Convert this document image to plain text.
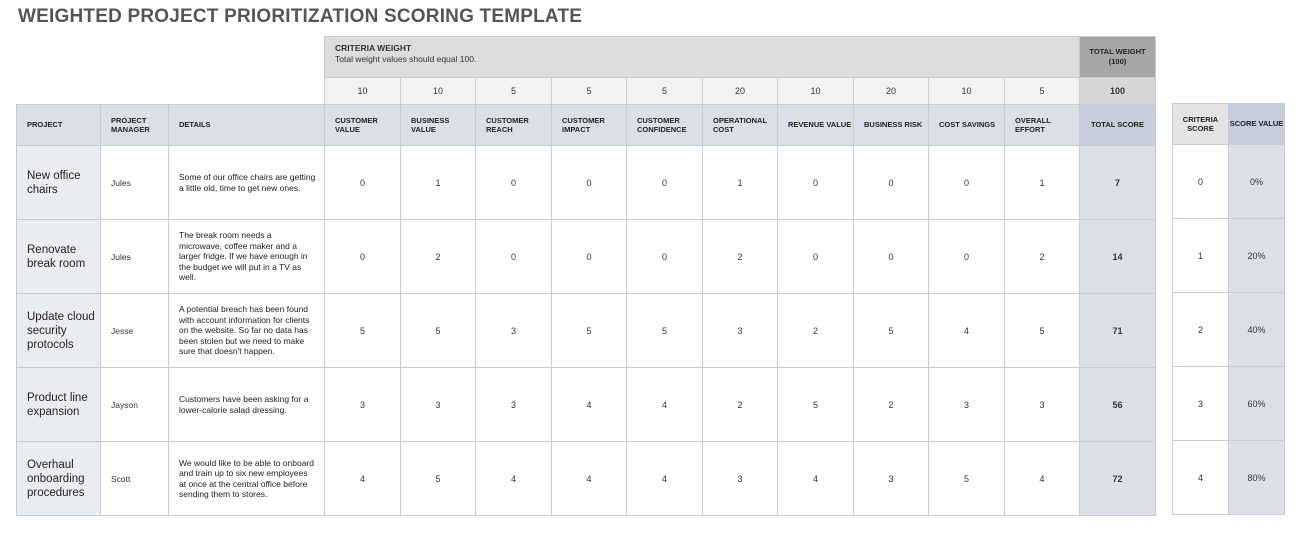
WEIGHTED PROJECT PRIORITIZATION SCORING TEMPLATE
			CRITERIA WEIGHT
Total weight values should equal 100.										TOTAL WEIGHT (100)
			10	10	5	5	5	20	10	20	10	5	100
PROJECT	PROJECT MANAGER	DETAILS	CUSTOMER VALUE	BUSINESS VALUE	CUSTOMER REACH	CUSTOMER IMPACT	CUSTOMER CONFIDENCE	OPERATIONAL COST	REVENUE VALUE	BUSINESS RISK	COST SAVINGS	OVERALL EFFORT	TOTAL SCORE
New office chairs	Jules	Some of our office chairs are getting a little old, time to get new ones.	0	1	0	0	0	1	0	0	0	1	7
Renovate break room	Jules	The break room needs a microwave, coffee maker and a larger fridge. If we have enough in the budget we will put in a TV as well.	0	2	0	0	0	2	0	0	0	2	14
Update cloud security protocols	Jesse	A potential breach has been found with account information for clients on the website. So far no data has been stolen but we need to make sure that doesn't happen.	5	5	3	5	5	3	2	5	4	5	71
Product line expansion	Jayson	Customers have been asking for a lower-calorie salad dressing.	3	3	3	4	4	2	5	2	3	3	56
Overhaul onboarding procedures	Scott	We would like to be able to onboard and train up to six new employees at once at the central office before sending them to stores.	4	5	4	4	4	3	4	3	5	4	72
CRITERIA SCORE	SCORE VALUE
0	0%
1	20%
2	40%
3	60%
4	80%
